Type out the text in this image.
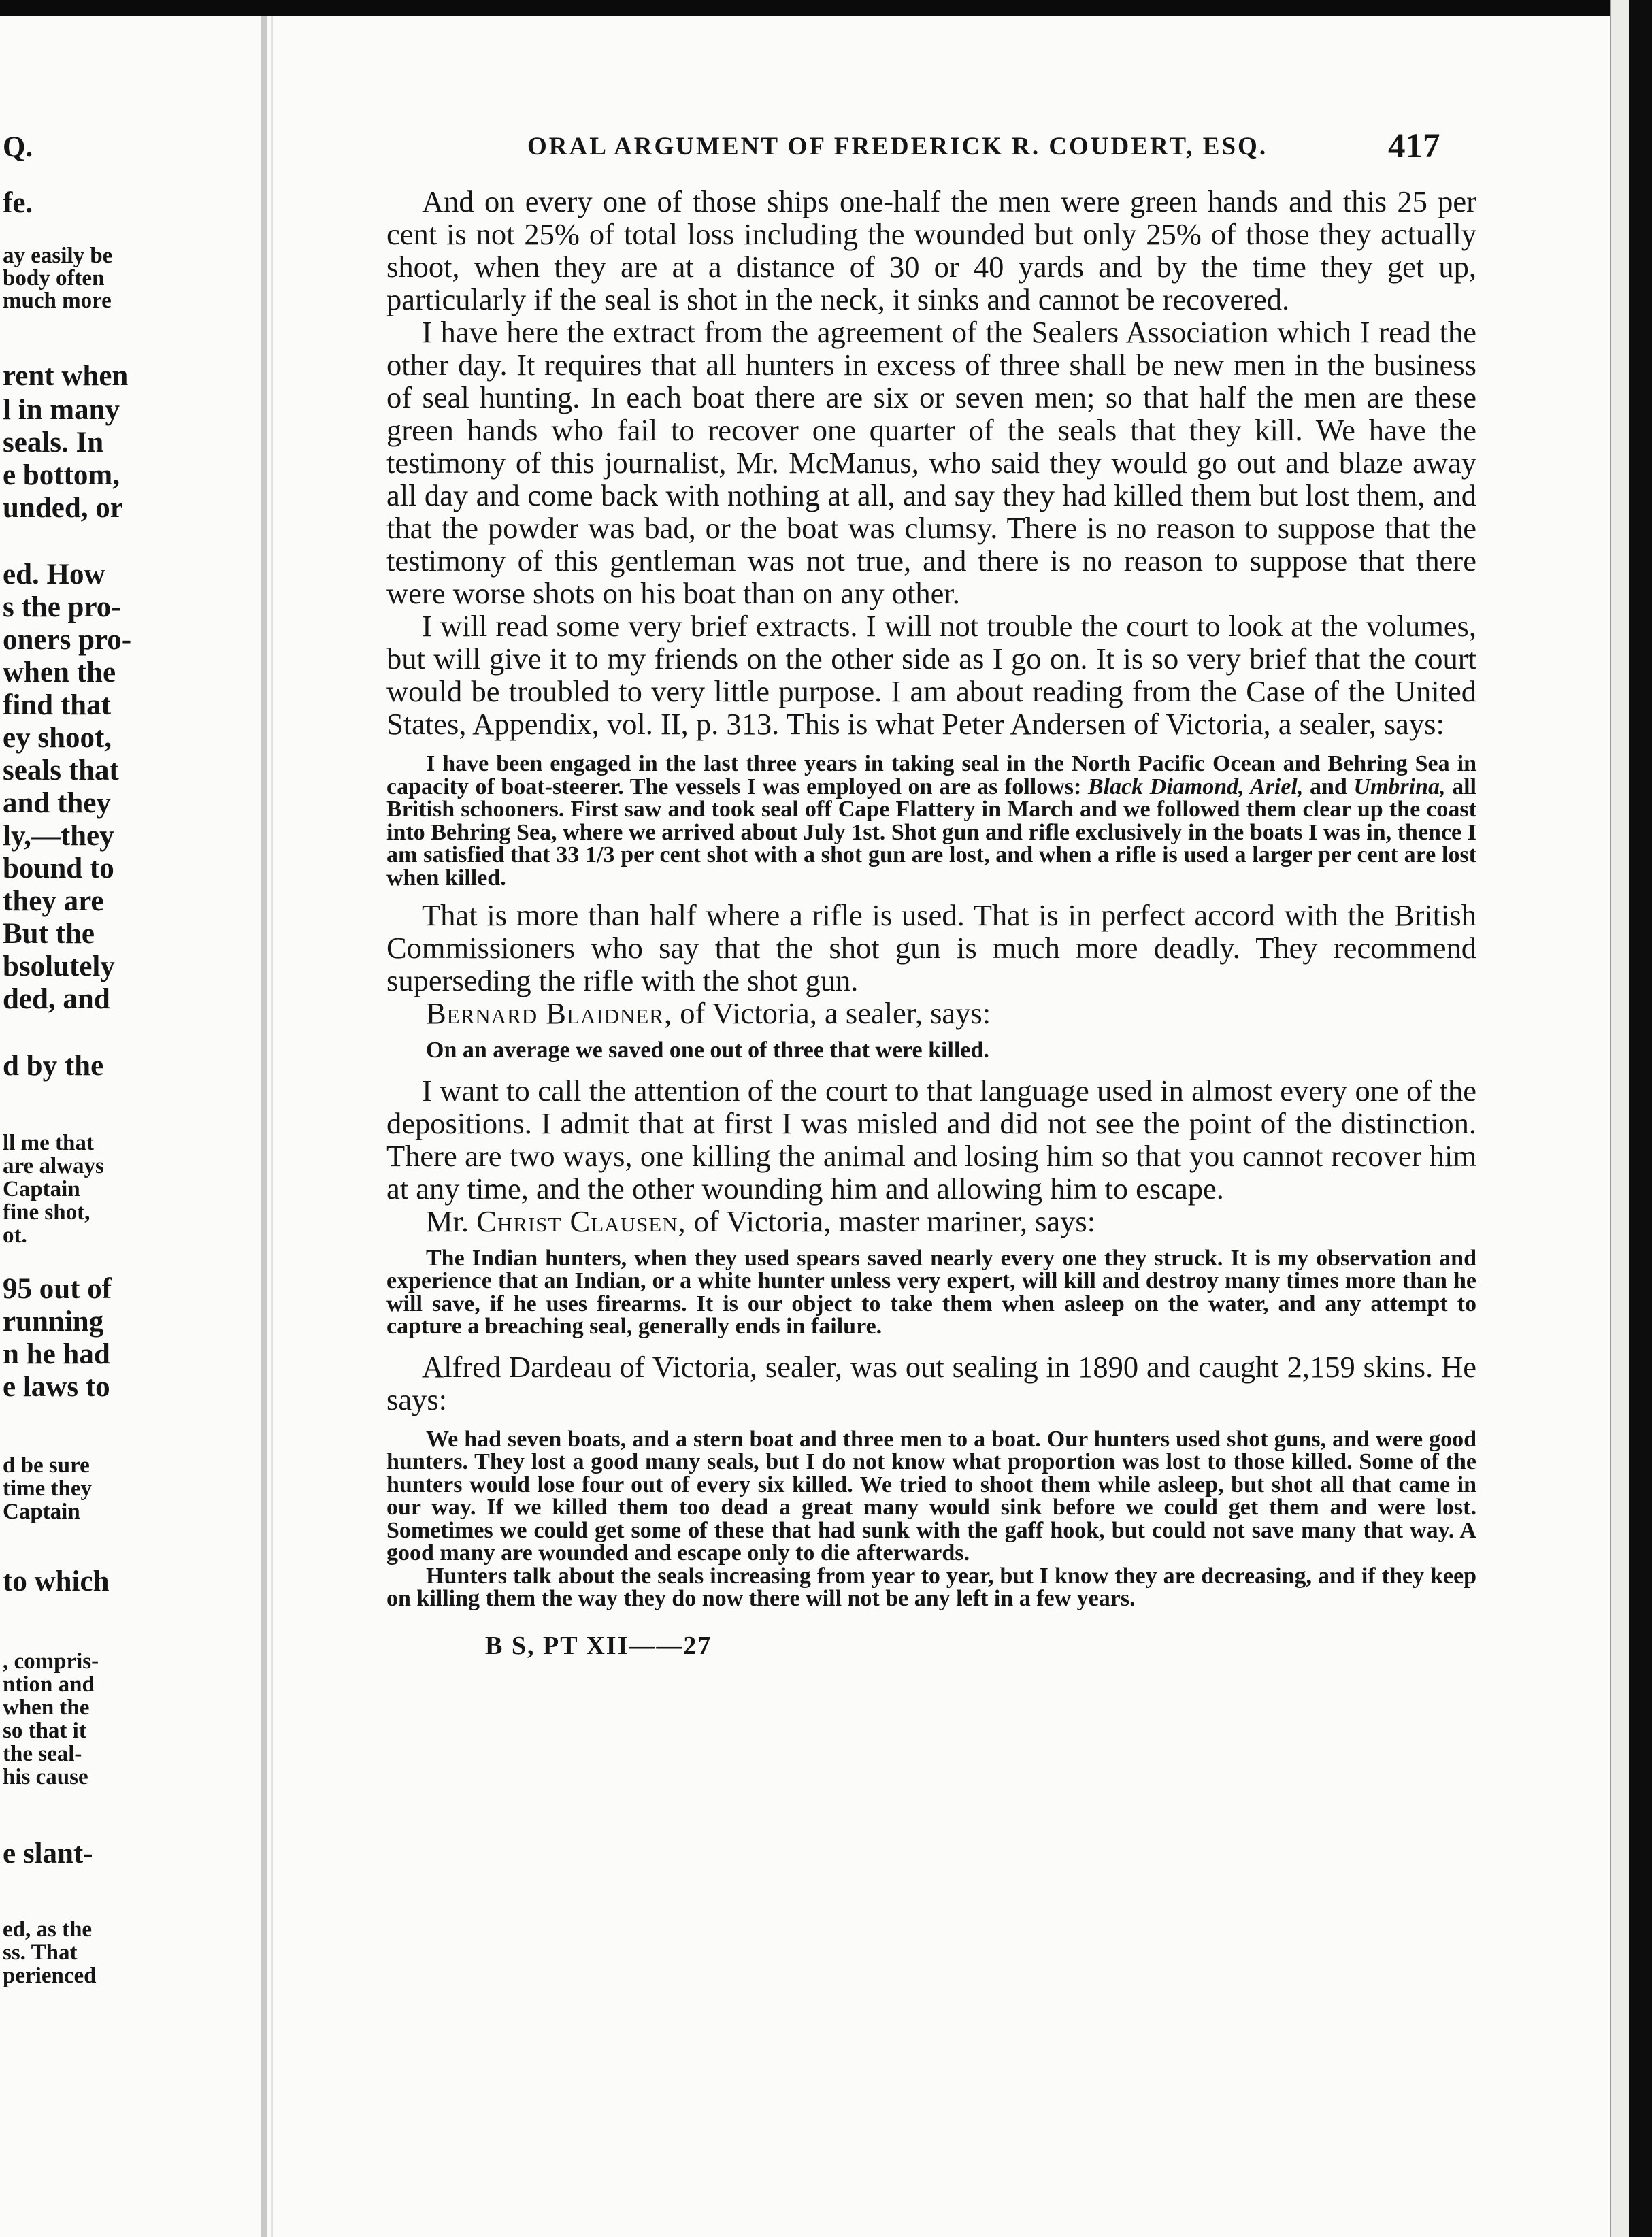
Q.

fe.

ay easily be

body often

much more

rent when

l in many

seals. In

e bottom,

unded, or

ed. How

s the pro-

oners pro-

when the

find that

ey shoot,

seals that

and they

ly,—they

bound to

they are

But the

bsolutely

ded, and

d by the

ll me that

are always

Captain

fine shot,

ot.

95 out of

running

n he had

e laws to

d be sure

time they

Captain

to which

, compris-

ntion and

when the

so that it

the seal-

his cause

e slant-

ed, as the

ss. That

perienced

ORAL ARGUMENT OF FREDERICK R. COUDERT, ESQ.	417

And on every one of those ships one-half the men were green hands and this 25 per cent is not 25% of total loss including the wounded but only 25% of those they actually shoot, when they are at a distance of 30 or 40 yards and by the time they get up, particularly if the seal is shot in the neck, it sinks and cannot be recovered.

I have here the extract from the agreement of the Sealers Association which I read the other day. It requires that all hunters in excess of three shall be new men in the business of seal hunting. In each boat there are six or seven men; so that half the men are these green hands who fail to recover one quarter of the seals that they kill. We have the testimony of this journalist, Mr. McManus, who said they would go out and blaze away all day and come back with nothing at all, and say they had killed them but lost them, and that the powder was bad, or the boat was clumsy. There is no reason to suppose that the testimony of this gentleman was not true, and there is no reason to suppose that there were worse shots on his boat than on any other.

I will read some very brief extracts. I will not trouble the court to look at the volumes, but will give it to my friends on the other side as I go on. It is so very brief that the court would be troubled to very little purpose. I am about reading from the Case of the United States, Appendix, vol. II, p. 313. This is what Peter Andersen of Victoria, a sealer, says:

I have been engaged in the last three years in taking seal in the North Pacific Ocean and Behring Sea in capacity of boat-steerer. The vessels I was employed on are as follows: Black Diamond, Ariel, and Umbrina, all British schooners. First saw and took seal off Cape Flattery in March and we followed them clear up the coast into Behring Sea, where we arrived about July 1st. Shot gun and rifle exclusively in the boats I was in, thence I am satisfied that 33 1/3 per cent shot with a shot gun are lost, and when a rifle is used a larger per cent are lost when killed.

That is more than half where a rifle is used. That is in perfect accord with the British Commissioners who say that the shot gun is much more deadly. They recommend superseding the rifle with the shot gun.

Bernard Blaidner, of Victoria, a sealer, says:

On an average we saved one out of three that were killed.

I want to call the attention of the court to that language used in almost every one of the depositions. I admit that at first I was misled and did not see the point of the distinction. There are two ways, one killing the animal and losing him so that you cannot recover him at any time, and the other wounding him and allowing him to escape.

Mr. Christ Clausen, of Victoria, master mariner, says:

The Indian hunters, when they used spears saved nearly every one they struck. It is my observation and experience that an Indian, or a white hunter unless very expert, will kill and destroy many times more than he will save, if he uses firearms. It is our object to take them when asleep on the water, and any attempt to capture a breaching seal, generally ends in failure.

Alfred Dardeau of Victoria, sealer, was out sealing in 1890 and caught 2,159 skins. He says:

We had seven boats, and a stern boat and three men to a boat. Our hunters used shot guns, and were good hunters. They lost a good many seals, but I do not know what proportion was lost to those killed. Some of the hunters would lose four out of every six killed. We tried to shoot them while asleep, but shot all that came in our way. If we killed them too dead a great many would sink before we could get them and were lost. Sometimes we could get some of these that had sunk with the gaff hook, but could not save many that way. A good many are wounded and escape only to die afterwards.

Hunters talk about the seals increasing from year to year, but I know they are decreasing, and if they keep on killing them the way they do now there will not be any left in a few years.

B S, PT XII——27
